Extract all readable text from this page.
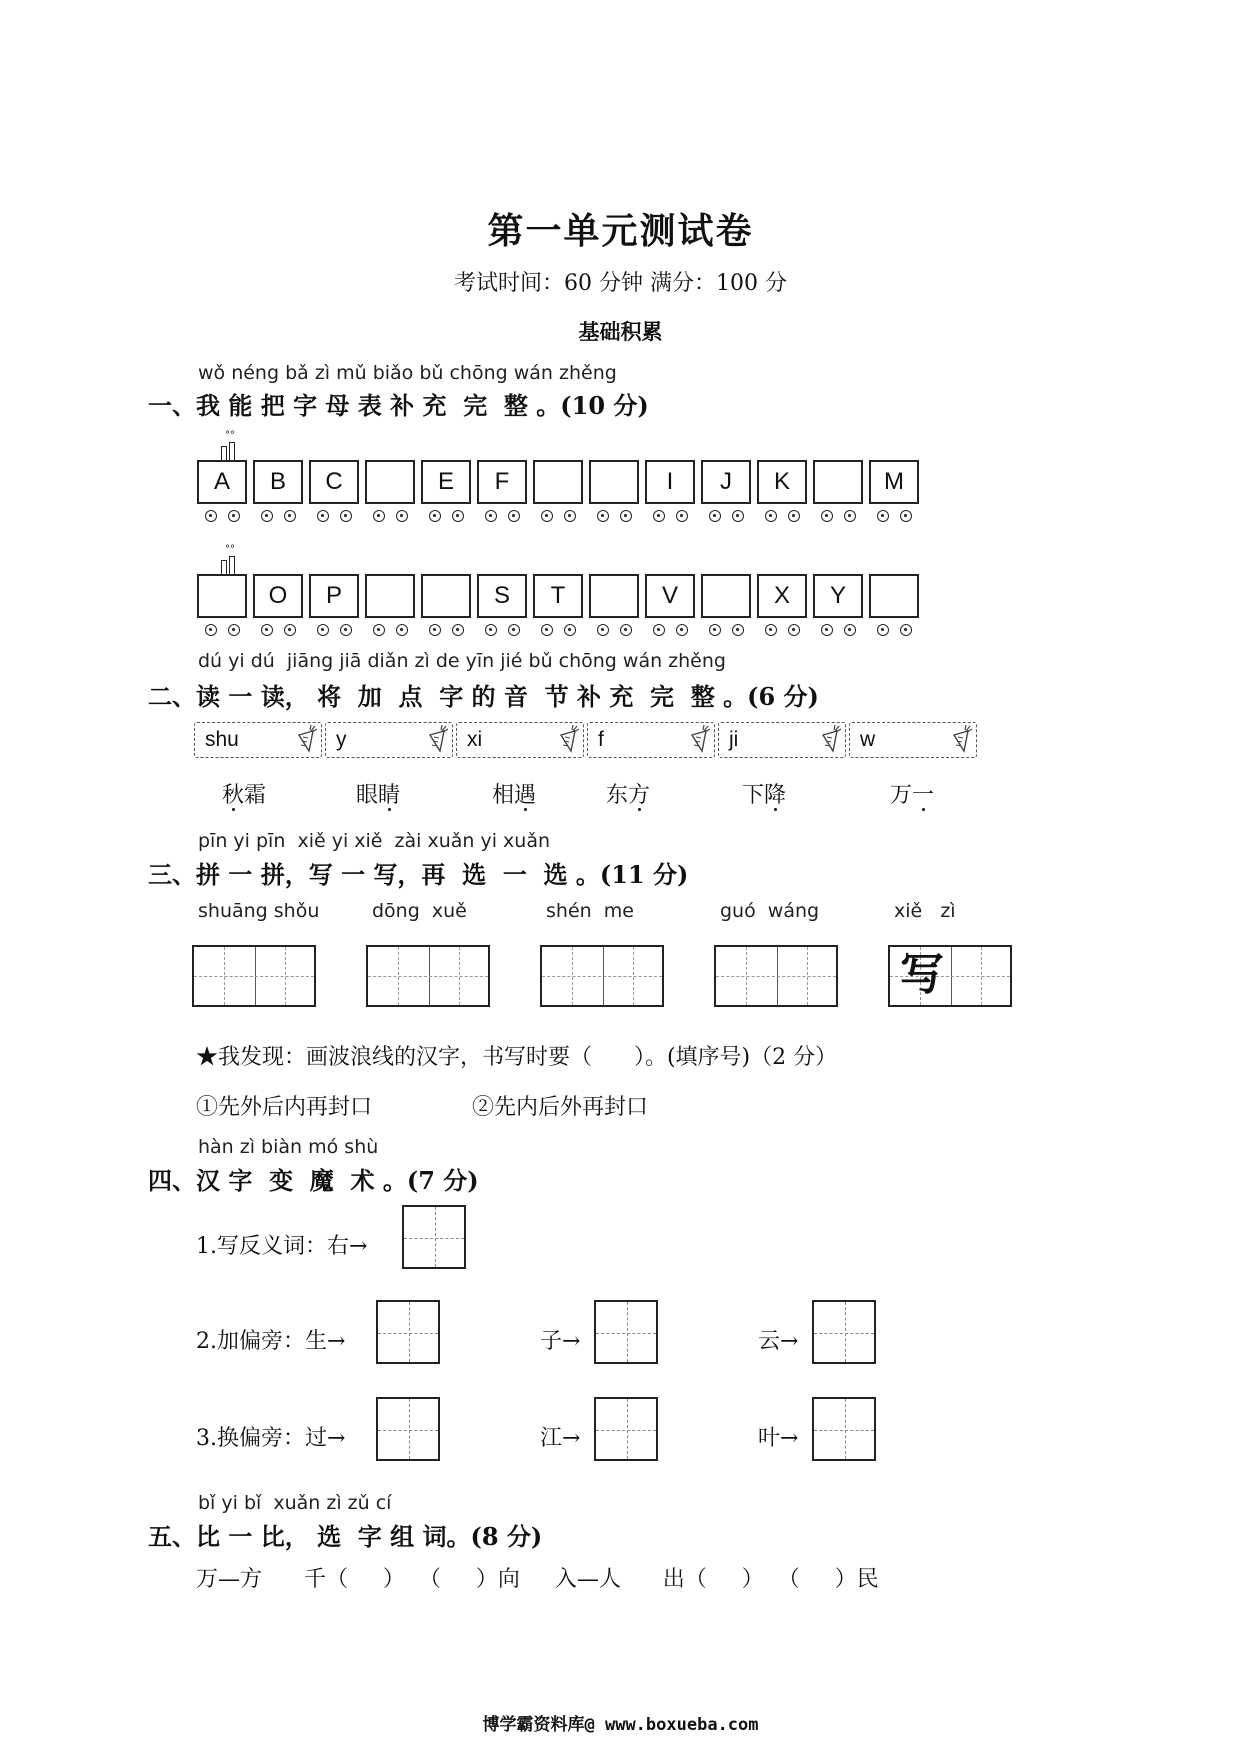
第一单元测试卷
考试时间：60 分钟 满分：100 分
基础积累
wǒ néng bǎ zì mǔ biǎo bǔ chōng wán zhěng
一、我 能 把 字 母 表 补 充  完  整 。(10 分)
A
°°
B C	E F	I J K	M
°°
O P	S T	V	X Y
dú yi dú  jiāng jiā diǎn zì de yīn jié bǔ chōng wán zhěng
二、读 一 读， 将  加  点  字 的 音  节 补 充  完  整 。(6 分)
shu	y	xi	f	ji	w
秋霜	眼睛	相遇	东方	下降	万一
pīn yi pīn  xiě yi xiě  zài xuǎn yi xuǎn
三、拼 一 拼，写 一 写，再  选  一  选 。(11 分)
shuāng shǒu	dōng  xuě	shén  me	guó  wáng	xiě   zì
写
★我发现：画波浪线的汉字，书写时要（      ）。(填序号)（2 分）
①先外后内再封口	②先内后外再封口
hàn zì biàn mó shù
四、汉 字  变  魔  术 。(7 分)
1.写反义词：右→
2.加偏旁：生→	子→	云→
3.换偏旁：过→	江→	叶→
bǐ yi bǐ  xuǎn zì zǔ cí
五、比 一 比， 选  字 组 词。(8 分)
万—方      千（     ）  （     ）向     入—人      出（     ）  （     ）民
博学霸资料库@ www.boxueba.com
